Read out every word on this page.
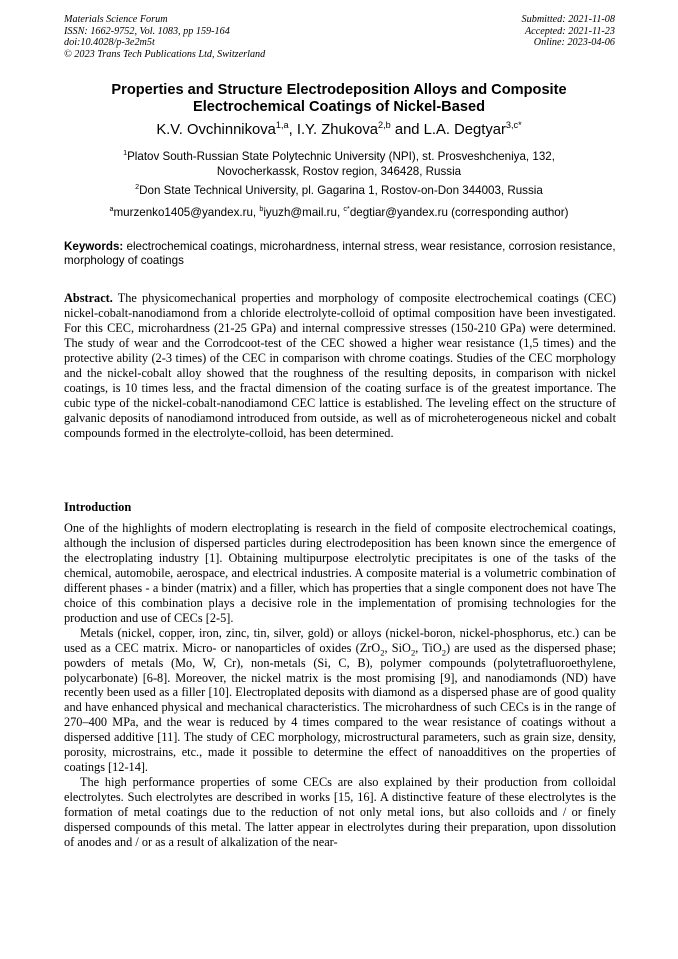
Materials Science Forum
ISSN: 1662-9752, Vol. 1083, pp 159-164
doi:10.4028/p-3e2m5t
© 2023 Trans Tech Publications Ltd, Switzerland
Submitted: 2021-11-08
Accepted: 2021-11-23
Online: 2023-04-06
Properties and Structure Electrodeposition Alloys and Composite
Electrochemical Coatings of Nickel-Based
K.V. Ovchinnikova$^{1,a}$, I.Y. Zhukova$^{2,b}$ and L.A. Degtyar$^{3,c*}$
$^1$Platov South-Russian State Polytechnic University (NPI), st. Prosveshcheniya, 132,
Novocherkassk, Rostov region, 346428, Russia
$^2$Don State Technical University, pl. Gagarina 1, Rostov-on-Don 344003, Russia
$^a$murzenko1405@yandex.ru, $^b$iyuzh@mail.ru, $^{c*}$degtiar@yandex.ru (corresponding author)
Keywords: electrochemical coatings, microhardness, internal stress, wear resistance, corrosion resistance, morphology of coatings
Abstract. The physicomechanical properties and morphology of composite electrochemical coatings (CEC) nickel-cobalt-nanodiamond from a chloride electrolyte-colloid of optimal composition have been investigated. For this CEC, microhardness (21-25 GPa) and internal compressive stresses (150-210 GPa) were determined. The study of wear and the Corrodcoot-test of the CEC showed a higher wear resistance (1,5 times) and the protective ability (2-3 times) of the CEC in comparison with chrome coatings. Studies of the CEC morphology and the nickel-cobalt alloy showed that the roughness of the resulting deposits, in comparison with nickel coatings, is 10 times less, and the fractal dimension of the coating surface is of the greatest importance. The cubic type of the nickel-cobalt-nanodiamond CEC lattice is established. The leveling effect on the structure of galvanic deposits of nanodiamond introduced from outside, as well as of microheterogeneous nickel and cobalt compounds formed in the electrolyte-colloid, has been determined.
Introduction

One of the highlights of modern electroplating is research in the field of composite electrochemical coatings, although the inclusion of dispersed particles during electrodeposition has been known since the emergence of the electroplating industry [1]. Obtaining multipurpose electrolytic precipitates is one of the tasks of the chemical, automobile, aerospace, and electrical industries. A composite material is a volumetric combination of different phases - a binder (matrix) and a filler, which has properties that a single component does not have The choice of this combination plays a decisive role in the implementation of promising technologies for the production and use of CECs [2-5].

Metals (nickel, copper, iron, zinc, tin, silver, gold) or alloys (nickel-boron, nickel-phosphorus, etc.) can be used as a CEC matrix. Micro- or nanoparticles of oxides (ZrO$_2$, SiO$_2$, TiO$_2$) are used as the dispersed phase; powders of metals (Mo, W, Cr), non-metals (Si, C, B), polymer compounds (polytetrafluoroethylene, polycarbonate) [6-8]. Moreover, the nickel matrix is the most promising [9], and nanodiamonds (ND) have recently been used as a filler [10]. Electroplated deposits with diamond as a dispersed phase are of good quality and have enhanced physical and mechanical characteristics. The microhardness of such CECs is in the range of 270–400 MPa, and the wear is reduced by 4 times compared to the wear resistance of coatings without a dispersed additive [11]. The study of CEC morphology, microstructural parameters, such as grain size, density, porosity, microstrains, etc., made it possible to determine the effect of nanoadditives on the properties of coatings [12-14].

The high performance properties of some CECs are also explained by their production from colloidal electrolytes. Such electrolytes are described in works [15, 16]. A distinctive feature of these electrolytes is the formation of metal coatings due to the reduction of not only metal ions, but also colloids and / or finely dispersed compounds of this metal. The latter appear in electrolytes during their preparation, upon dissolution of anodes and / or as a result of alkalization of the near-
